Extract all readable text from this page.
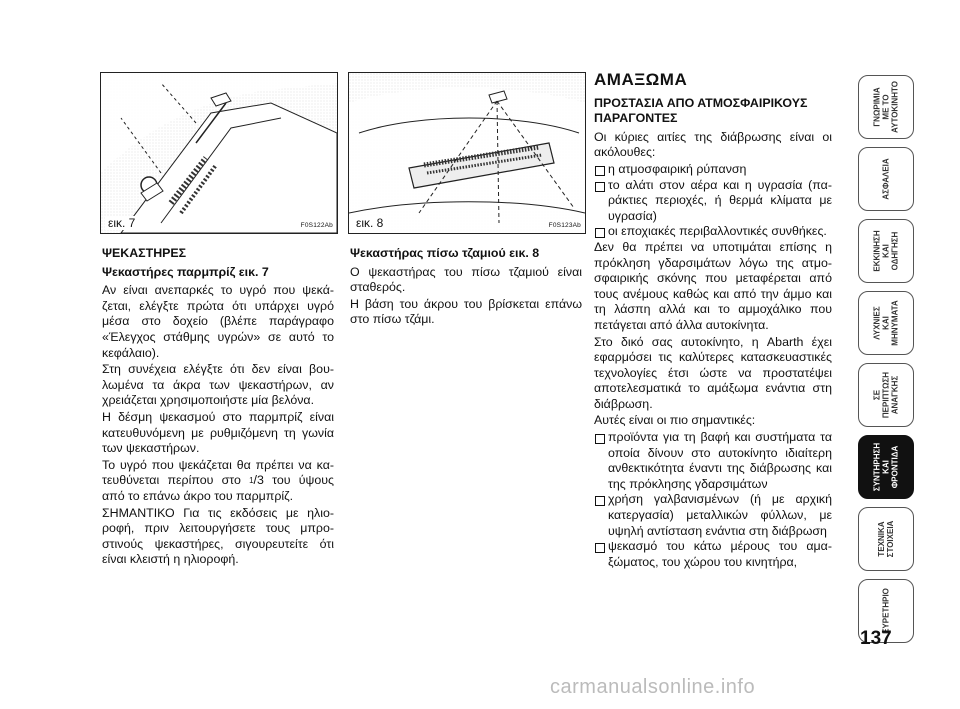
εικ. 7	F0S122Ab εικ. 8	F0S123Ab
ΨΕΚΑΣΤΗΡΕΣ
Ψεκαστήρες παρμπρίζ εικ. 7

Αν είναι ανεπαρκές το υγρό που ψεκάζεται, ελέγξτε πρώτα ότι υπάρχει υγρό μέσα στο δοχείο (βλέπε παράγραφο «Έλεγχος στάθμης υγρών» σε αυτό το κεφάλαιο).

Στη συνέχεια ελέγξτε ότι δεν είναι βουλωμένα τα άκρα των ψεκαστήρων, αν χρειάζεται χρησιμοποιήστε μία βελόνα.

Η δέσμη ψεκασμού στο παρμπρίζ είναι κατευθυνόμενη με ρυθμιζόμενη τη γωνία των ψεκαστήρων.

Το υγρό που ψεκάζεται θα πρέπει να κατευθύνεται περίπου στο $^1$/3 του ύψους από το επάνω άκρο του παρμπρίζ.

ΣΗΜΑΝΤΙΚΟ Για τις εκδόσεις με ηλιοροφή, πριν λειτουργήσετε τους μπροστινούς ψεκαστήρες, σιγουρευτείτε ότι είναι κλειστή η ηλιοροφή.

Ψεκαστήρας πίσω τζαμιού εικ. 8

Ο ψεκαστήρας του πίσω τζαμιού είναι σταθερός.

Η βάση του άκρου του βρίσκεται επάνω στο πίσω τζάμι.

ΑΜΑΞΩΜΑ
ΠΡΟΣΤΑΣΙΑ ΑΠΟ ΑΤΜΟΣΦΑΙΡΙΚΟΥΣ ΠΑΡΑΓΟΝΤΕΣ

Οι κύριες αιτίες της διάβρωσης είναι οι ακόλουθες:

η ατμοσφαιρική ρύπανση
το αλάτι στον αέρα και η υγρασία (παράκτιες περιοχές, ή θερμά κλίματα με υγρασία)
οι εποχιακές περιβαλλοντικές συνθήκες.

Δεν θα πρέπει να υποτιμάται επίσης η πρόκληση γδαρσιμάτων λόγω της ατμοσφαιρικής σκόνης που μεταφέρεται από τους ανέμους καθώς και από την άμμο και τη λάσπη αλλά και το αμμοχάλικο που πετάγεται από άλλα αυτοκίνητα.

Στο δικό σας αυτοκίνητο, η Abarth έχει εφαρμόσει τις καλύτερες κατασκευαστικές τεχνολογίες έτσι ώστε να προστατέψει αποτελεσματικά το αμάξωμα ενάντια στη διάβρωση.

Αυτές είναι οι πιο σημαντικές:

προϊόντα για τη βαφή και συστήματα τα οποία δίνουν στο αυτοκίνητο ιδιαίτερη ανθεκτικότητα έναντι της διάβρωσης και της πρόκλησης γδαρσιμάτων
χρήση γαλβανισμένων (ή με αρχική κατεργασία) μεταλλικών φύλλων, με υψηλή αντίσταση ενάντια στη διάβρωση
ψεκασμό του κάτω μέρους του αμαξώματος, του χώρου του κινητήρα,
ΓΝΩΡΙΜΙΑ ΜΕ ΤΟ ΑΥΤΟΚΙΝΗΤΟ
ΑΣΦΑΛΕΙΑ
ΕΚΚΙΝΗΣΗ ΚΑΙ ΟΔΗΓΗΣΗ
ΛΥΧΝΙΕΣ ΚΑΙ ΜΗΝΥΜΑΤΑ
ΣΕ ΠΕΡΙΠΤΩΣΗ ΑΝΑΓΚΗΣ
ΣΥΝΤΗΡΗΣΗ ΚΑΙ ΦΡΟΝΤΙΔΑ
ΤΕΧΝΙΚΑ ΣΤΟΙΧΕΙΑ
ΕΥΡΕΤΗΡΙΟ
137
carmanualsonline.info
